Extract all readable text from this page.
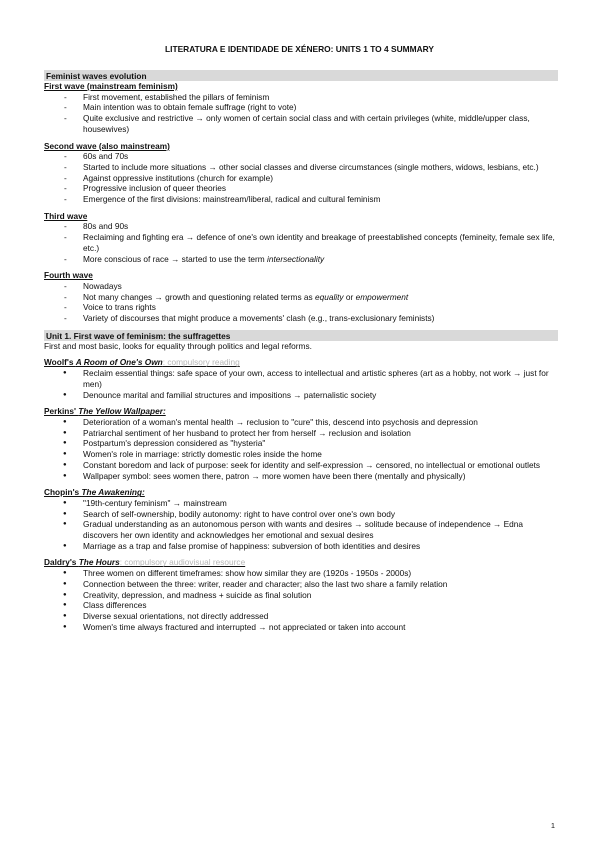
LITERATURA E IDENTIDADE DE XÉNERO: UNITS 1 TO 4 SUMMARY
Feminist waves evolution
First wave (mainstream feminism)
- First movement, established the pillars of feminism
- Main intention was to obtain female suffrage (right to vote)
- Quite exclusive and restrictive → only women of certain social class and with certain privileges (white, middle/upper class, housewives)
Second wave (also mainstream)
- 60s and 70s
- Started to include more situations → other social classes and diverse circumstances (single mothers, widows, lesbians, etc.)
- Against oppressive institutions (church for example)
- Progressive inclusion of queer theories
- Emergence of the first divisions: mainstream/liberal, radical and cultural feminism
Third wave
- 80s and 90s
- Reclaiming and fighting era → defence of one's own identity and breakage of preestablished concepts (femineity, female sex life, etc.)
- More conscious of race → started to use the term intersectionality
Fourth wave
- Nowadays
- Not many changes → growth and questioning related terms as equality or empowerment
- Voice to trans rights
- Variety of discourses that might produce a movements' clash (e.g., trans-exclusionary feminists)
Unit 1. First wave of feminism: the suffragettes
First and most basic, looks for equality through politics and legal reforms.
Woolf's A Room of One's Own: compulsory reading
● Reclaim essential things: safe space of your own, access to intellectual and artistic spheres (art as a hobby, not work → just for men)
● Denounce marital and familial structures and impositions → paternalistic society
Perkins' The Yellow Wallpaper:
● Deterioration of a woman's mental health → reclusion to "cure" this, descend into psychosis and depression
● Patriarchal sentiment of her husband to protect her from herself → reclusion and isolation
● Postpartum's depression considered as "hysteria"
● Women's role in marriage: strictly domestic roles inside the home
● Constant boredom and lack of purpose: seek for identity and self-expression → censored, no intellectual or emotional outlets
● Wallpaper symbol: sees women there, patron → more women have been there (mentally and physically)
Chopin's The Awakening:
● "19th-century feminism" → mainstream
● Search of self-ownership, bodily autonomy: right to have control over one's own body
● Gradual understanding as an autonomous person with wants and desires → solitude because of independence → Edna discovers her own identity and acknowledges her emotional and sexual desires
● Marriage as a trap and false promise of happiness: subversion of both identities and desires
Daldry's The Hours: compulsory audiovisual resource
● Three women on different timeframes: show how similar they are (1920s - 1950s - 2000s)
● Connection between the three: writer, reader and character; also the last two share a family relation
● Creativity, depression, and madness + suicide as final solution
● Class differences
● Diverse sexual orientations, not directly addressed
● Women's time always fractured and interrupted → not appreciated or taken into account
1
